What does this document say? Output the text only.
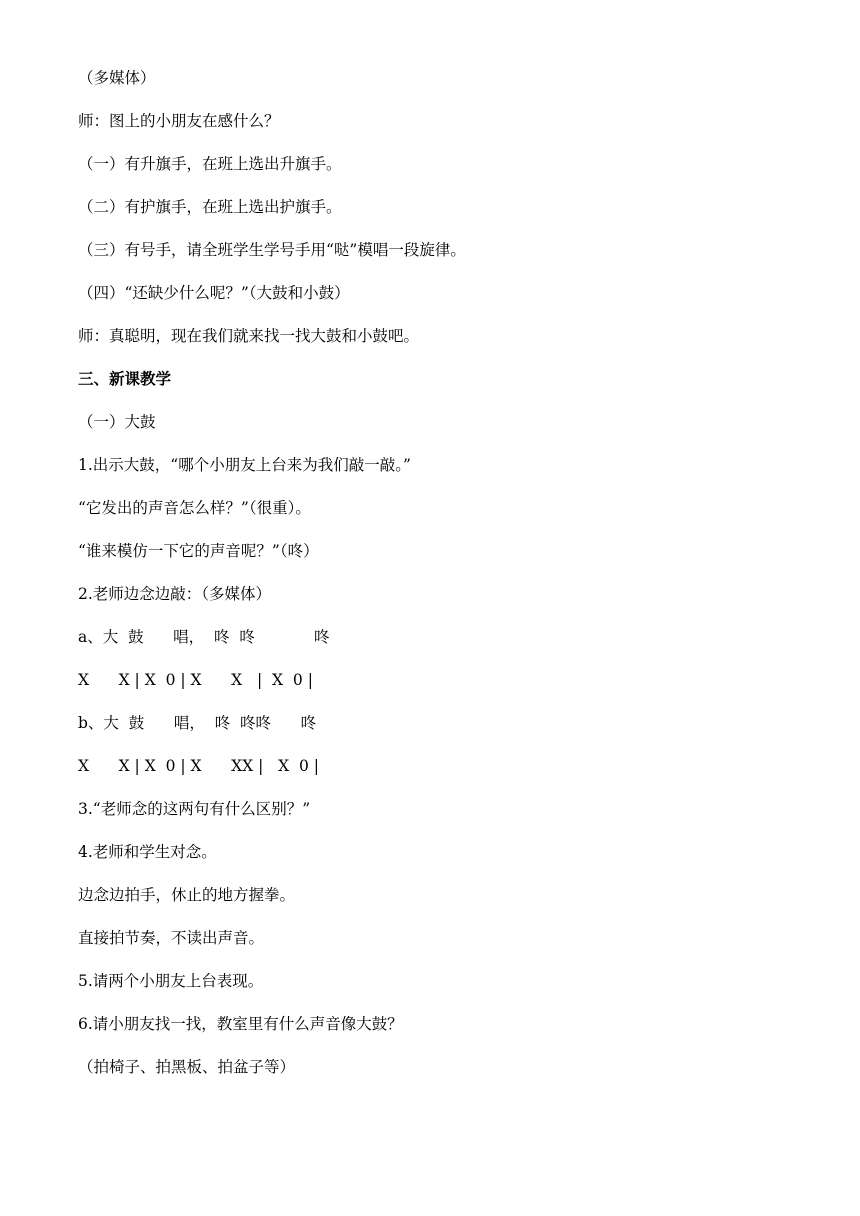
（多媒体）
师：图上的小朋友在感什么？
（一）有升旗手，在班上选出升旗手。
（二）有护旗手，在班上选出护旗手。
（三）有号手，请全班学生学号手用“哒”模唱一段旋律。
（四）“还缺少什么呢？”（大鼓和小鼓）
师：真聪明，现在我们就来找一找大鼓和小鼓吧。
三、新课教学
（一）大鼓
1.出示大鼓，“哪个小朋友上台来为我们敲一敲。”
“它发出的声音怎么样？”（很重）。
“谁来模仿一下它的声音呢？”（咚）
2.老师边念边敲：（多媒体）
a、大  鼓      唱，  咚  咚            咚
X      X | X  0 | X      X   |  X  0 |
b、大  鼓      唱，  咚  咚咚      咚
X      X | X  0 | X      XX |   X  0 |
3.“老师念的这两句有什么区别？”
4.老师和学生对念。
边念边拍手，休止的地方握拳。
直接拍节奏，不读出声音。
5.请两个小朋友上台表现。
6.请小朋友找一找，教室里有什么声音像大鼓？
（拍椅子、拍黑板、拍盆子等）
